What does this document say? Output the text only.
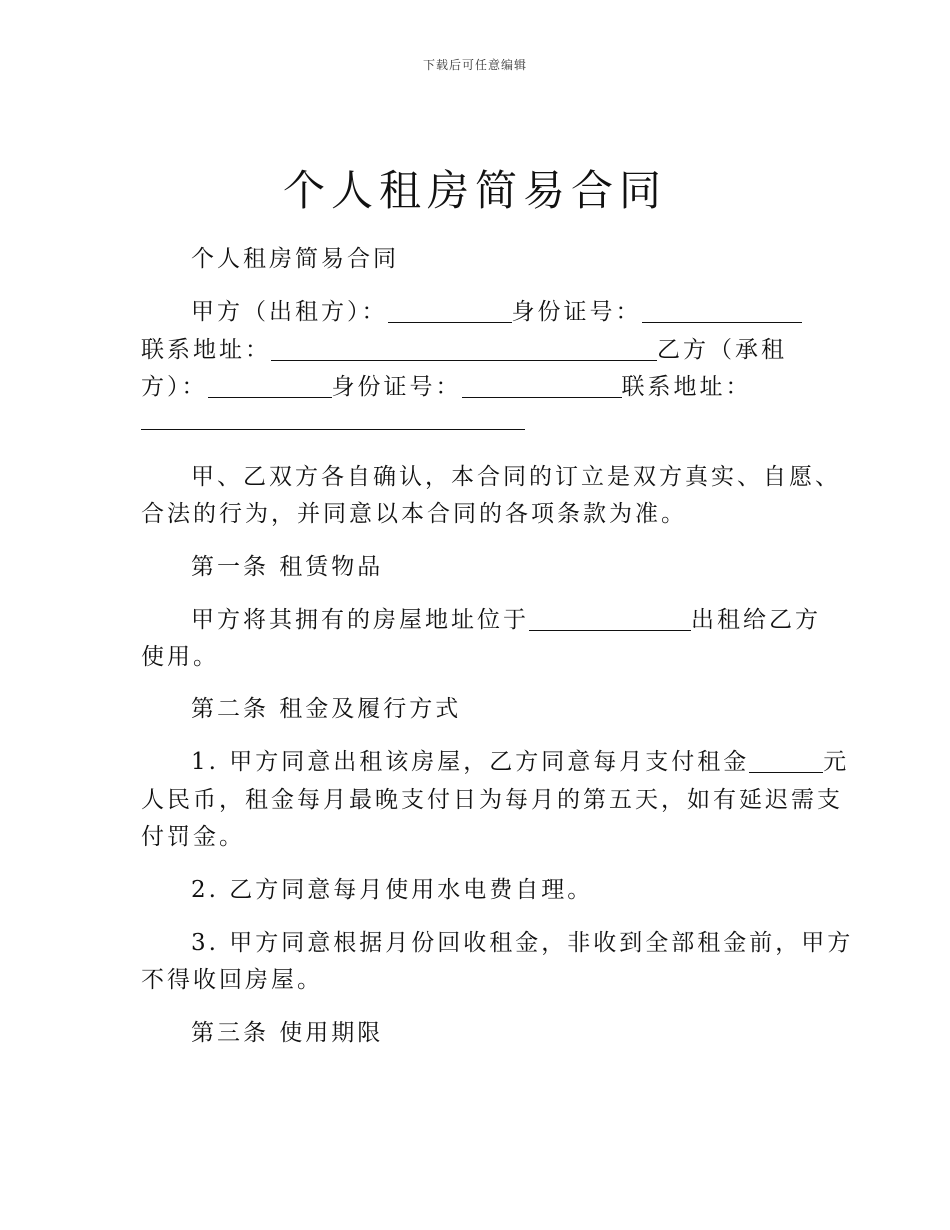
下载后可任意编辑
个人租房简易合同
个人租房简易合同
甲方（出租方）：	身份证号：
联系地址：	乙方（承租
方）：	身份证号：	联系地址：
甲、乙双方各自确认，本合同的订立是双方真实、自愿、
合法的行为，并同意以本合同的各项条款为准。
第一条 租赁物品
甲方将其拥有的房屋地址位于	出租给乙方
使用。
第二条 租金及履行方式
1. 甲方同意出租该房屋，乙方同意每月支付租金	元
人民币，租金每月最晚支付日为每月的第五天，如有延迟需支
付罚金。
2. 乙方同意每月使用水电费自理。
3. 甲方同意根据月份回收租金，非收到全部租金前，甲方
不得收回房屋。
第三条 使用期限
